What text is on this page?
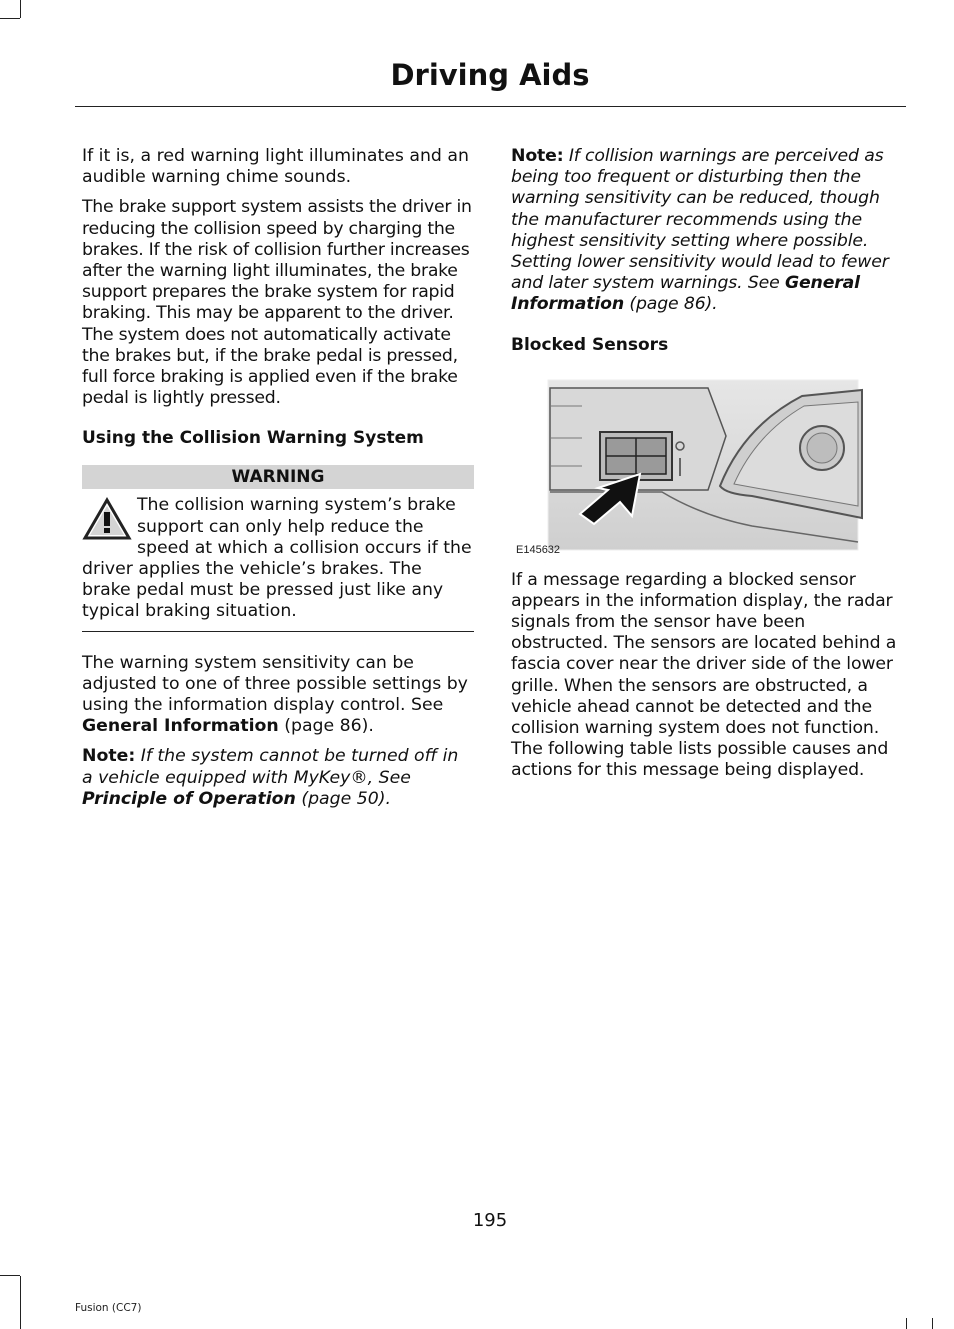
Driving Aids

If it is, a red warning light illuminates and an audible warning chime sounds.

The brake support system assists the driver in reducing the collision speed by charging the brakes. If the risk of collision further increases after the warning light illuminates, the brake support prepares the brake system for rapid braking. This may be apparent to the driver. The system does not automatically activate the brakes but, if the brake pedal is pressed, full force braking is applied even if the brake pedal is lightly pressed.

Using the Collision Warning System
WARNING

The collision warning system’s brake support can only help reduce the speed at which a collision occurs if the driver applies the vehicle’s brakes. The brake pedal must be pressed just like any typical braking situation.

The warning system sensitivity can be adjusted to one of three possible settings by using the information display control. See General Information (page 86).

Note: If the system cannot be turned off in a vehicle equipped with MyKey®, See Principle of Operation (page 50).

Note: If collision warnings are perceived as being too frequent or disturbing then the warning sensitivity can be reduced, though the manufacturer recommends using the highest sensitivity setting where possible. Setting lower sensitivity would lead to fewer and later system warnings. See General Information (page 86).

Blocked Sensors
E145632

If a message regarding a blocked sensor appears in the information display, the radar signals from the sensor have been obstructed. The sensors are located behind a fascia cover near the driver side of the lower grille. When the sensors are obstructed, a vehicle ahead cannot be detected and the collision warning system does not function. The following table lists possible causes and actions for this message being displayed.

195
Fusion (CC7)
